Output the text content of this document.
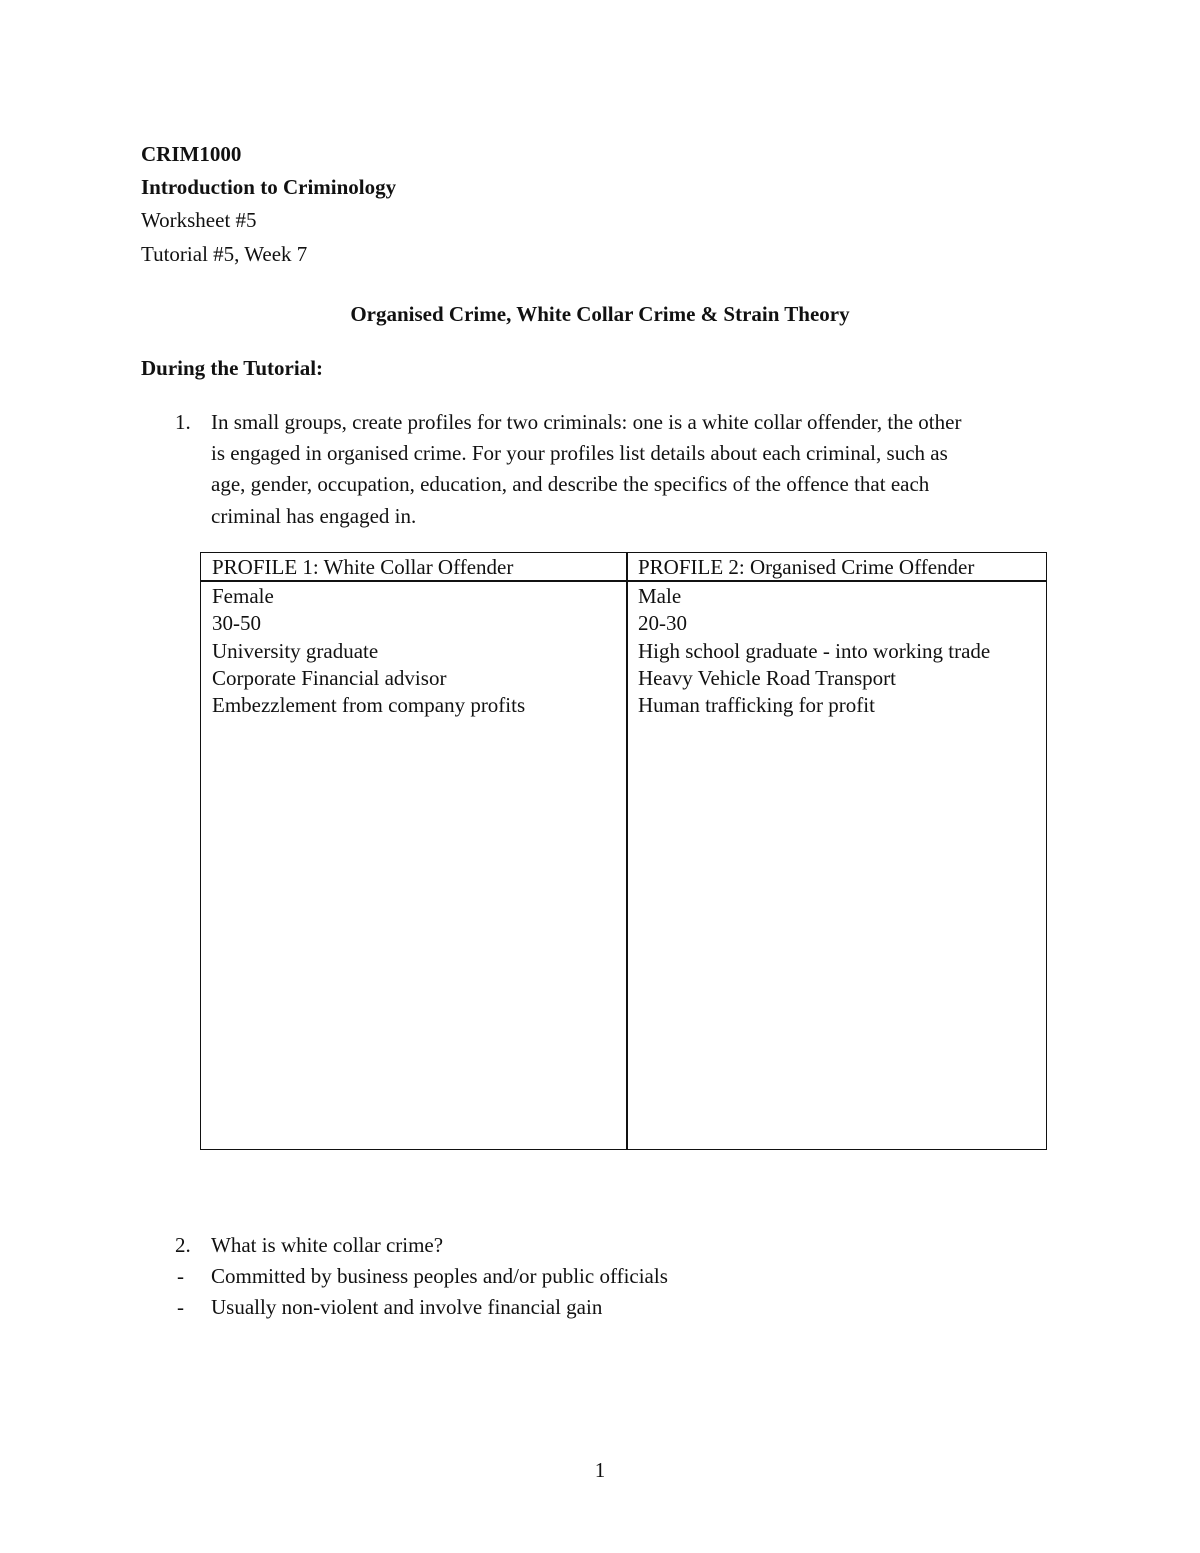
CRIM1000
Introduction to Criminology
Worksheet #5
Tutorial #5, Week 7
Organised Crime, White Collar Crime & Strain Theory
During the Tutorial:
1. In small groups, create profiles for two criminals: one is a white collar offender, the other
is engaged in organised crime. For your profiles list details about each criminal, such as
age, gender, occupation, education, and describe the specifics of the offence that each
criminal has engaged in.
PROFILE 1: White Collar Offender	PROFILE 2: Organised Crime Offender
Female
30-50
University graduate
Corporate Financial advisor
Embezzlement from company profits
Male
20-30
High school graduate - into working trade
Heavy Vehicle Road Transport
Human trafficking for profit
2. What is white collar crime?
- Committed by business peoples and/or public officials
- Usually non-violent and involve financial gain
1
